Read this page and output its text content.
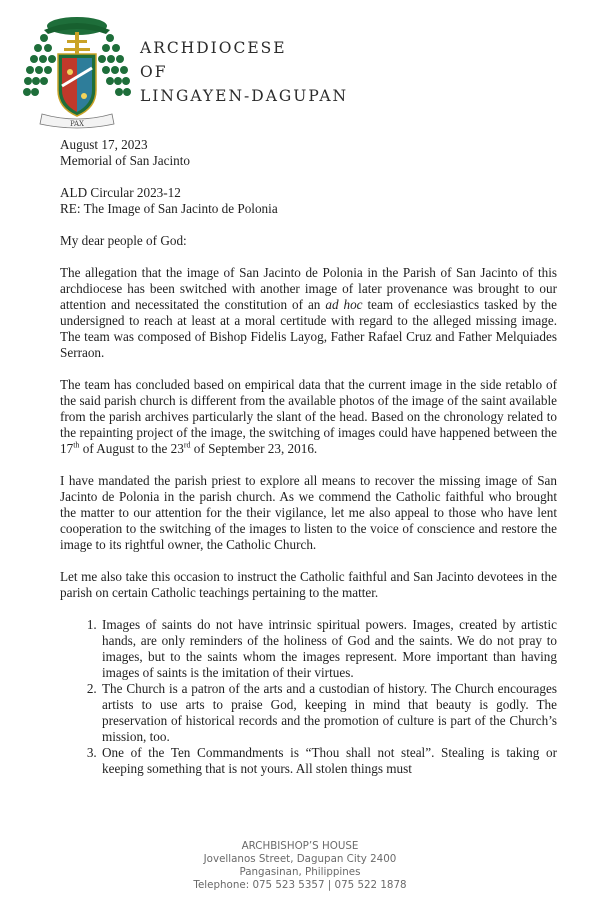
PAX
ARCHDIOCESE
OF
LINGAYEN-DAGUPAN

August 17, 2023

Memorial of San Jacinto

ALD Circular 2023-12

RE: The Image of San Jacinto de Polonia

My dear people of God:

The allegation that the image of San Jacinto de Polonia in the Parish of San Jacinto of this archdiocese has been switched with another image of later provenance was brought to our attention and necessitated the constitution of an ad hoc team of ecclesiastics tasked by the undersigned to reach at least at a moral certitude with regard to the alleged missing image. The team was composed of Bishop Fidelis Layog, Father Rafael Cruz and Father Melquiades Serraon.

The team has concluded based on empirical data that the current image in the side retablo of the said parish church is different from the available photos of the image of the saint available from the parish archives particularly the slant of the head. Based on the chronology related to the repainting project of the image, the switching of images could have happened between the 17th of August to the 23rd of September 23, 2016.

I have mandated the parish priest to explore all means to recover the missing image of San Jacinto de Polonia in the parish church. As we commend the Catholic faithful who brought the matter to our attention for the their vigilance, let me also appeal to those who have lent cooperation to the switching of the images to listen to the voice of conscience and restore the image to its rightful owner, the Catholic Church.

Let me also take this occasion to instruct the Catholic faithful and San Jacinto devotees in the parish on certain Catholic teachings pertaining to the matter.

1. Images of saints do not have intrinsic spiritual powers. Images, created by artistic hands, are only reminders of the holiness of God and the saints. We do not pray to images, but to the saints whom the images represent. More important than having images of saints is the imitation of their virtues.
2. The Church is a patron of the arts and a custodian of history. The Church encourages artists to use arts to praise God, keeping in mind that beauty is godly. The preservation of historical records and the promotion of culture is part of the Church’s mission, too.
3. One of the Ten Commandments is “Thou shall not steal”. Stealing is taking or keeping something that is not yours. All stolen things must
ARCHBISHOP’S HOUSE
Jovellanos Street, Dagupan City 2400
Pangasinan, Philippines
Telephone: 075 523 5357 | 075 522 1878
